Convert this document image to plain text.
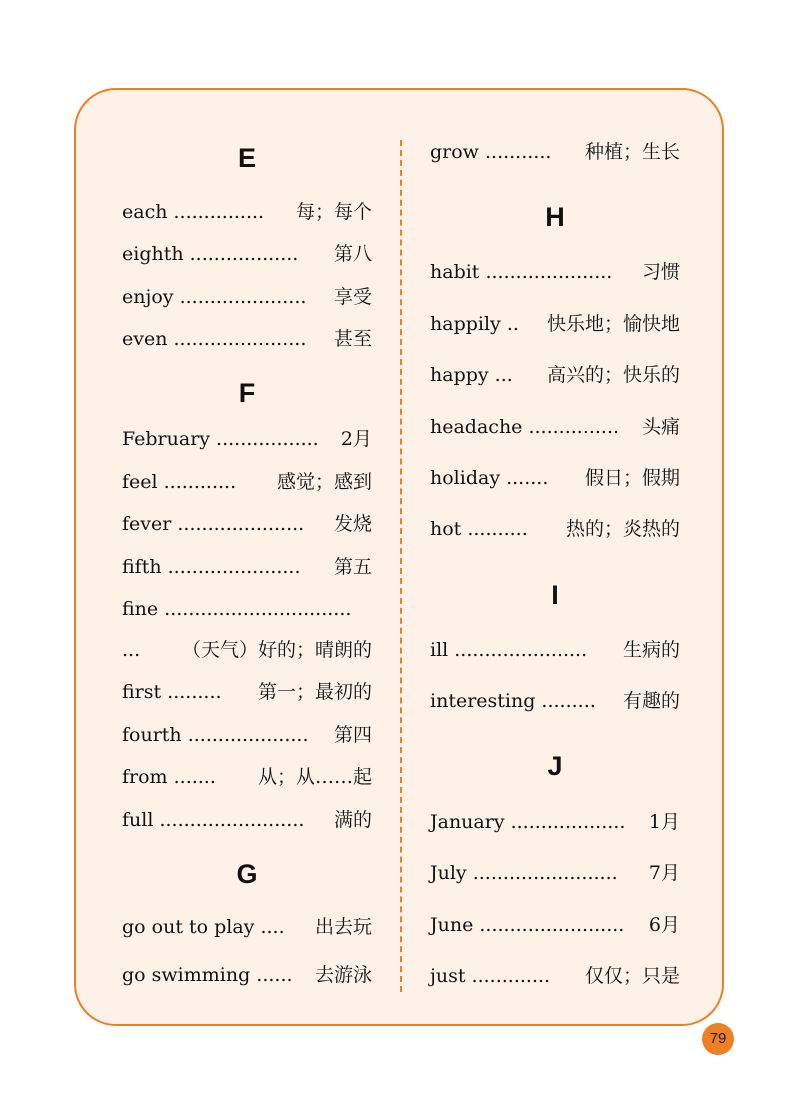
E
each ............... 每；每个
eighth .................. 第八
enjoy ..................... 享受
even ...................... 甚至
F
February ................. 2月
feel ............ 感觉；感到
fever ..................... 发烧
fifth ...................... 第五
fine ...............................
... （天气）好的；晴朗的
first ......... 第一；最初的
fourth .................... 第四
from ....... 从；从……起
full ........................ 满的
G
go out to play .... 出去玩
go swimming ...... 去游泳
grow ........... 种植；生长
H
habit ..................... 习惯
happily .. 快乐地；愉快地
happy ... 高兴的；快乐的
headache ............... 头痛
holiday ....... 假日；假期
hot .......... 热的；炎热的
I
ill ...................... 生病的
interesting ......... 有趣的
J
January ................... 1月
July ........................ 7月
June ........................ 6月
just ............. 仅仅；只是
79
